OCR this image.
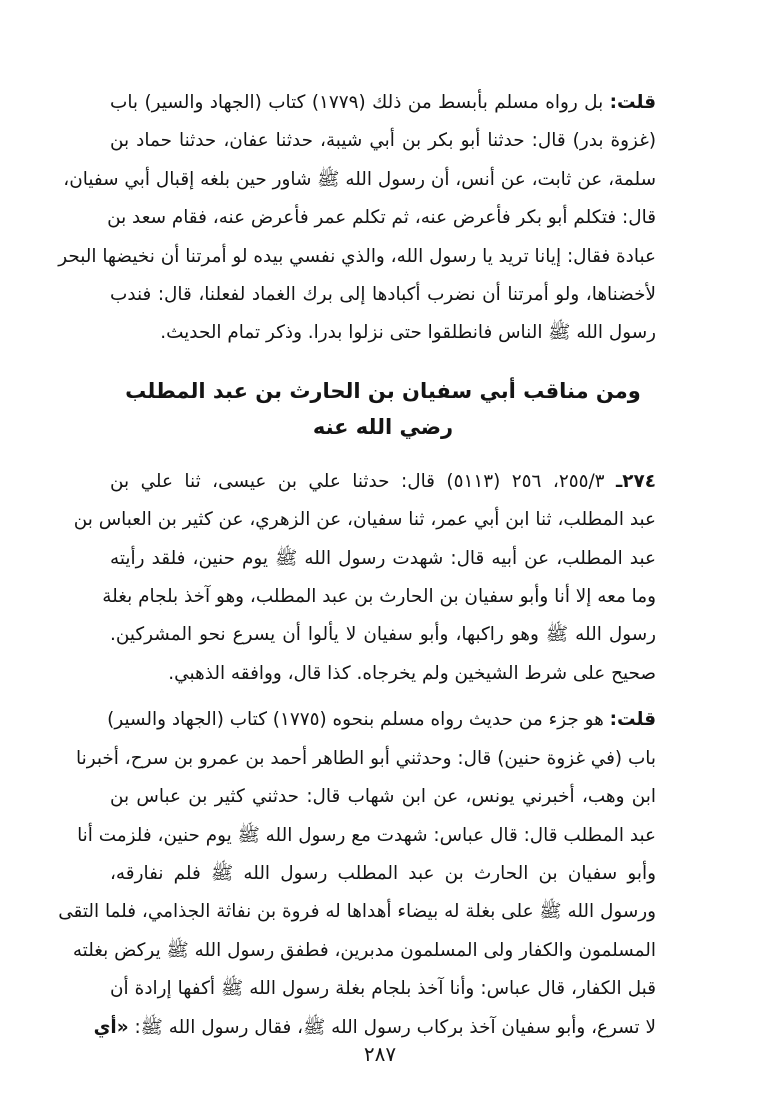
قلت: بل رواه مسلم بأبسط من ذلك (١٧٧٩) كتاب (الجهاد والسير) باب
(غزوة بدر) قال: حدثنا أبو بكر بن أبي شيبة، حدثنا عفان، حدثنا حماد بن
سلمة، عن ثابت، عن أنس، أن رسول الله ﷺ شاور حين بلغه إقبال أبي سفيان،
قال: فتكلم أبو بكر فأعرض عنه، ثم تكلم عمر فأعرض عنه، فقام سعد بن
عبادة فقال: إيانا تريد يا رسول الله، والذي نفسي بيده لو أمرتنا أن نخيضها البحر
لأخضناها، ولو أمرتنا أن نضرب أكبادها إلى برك الغماد لفعلنا، قال: فندب
رسول الله ﷺ الناس فانطلقوا حتى نزلوا بدرا. وذكر تمام الحديث.

ومن مناقب أبي سفيان بن الحارث بن عبد المطلب رضي الله عنه

٢٧٤ـ ٢٥٥/٣، ٢٥٦ (٥١١٣) قال: حدثنا علي بن عيسى، ثنا علي بن
عبد المطلب، ثنا ابن أبي عمر، ثنا سفيان، عن الزهري، عن كثير بن العباس بن
عبد المطلب، عن أبيه قال: شهدت رسول الله ﷺ يوم حنين، فلقد رأيته
وما معه إلا أنا وأبو سفيان بن الحارث بن عبد المطلب، وهو آخذ بلجام بغلة
رسول الله ﷺ وهو راكبها، وأبو سفيان لا يألوا أن يسرع نحو المشركين.
صحيح على شرط الشيخين ولم يخرجاه. كذا قال، ووافقه الذهبي.

قلت: هو جزء من حديث رواه مسلم بنحوه (١٧٧٥) كتاب (الجهاد والسير)
باب (في غزوة حنين) قال: وحدثني أبو الطاهر أحمد بن عمرو بن سرح، أخبرنا
ابن وهب، أخبرني يونس، عن ابن شهاب قال: حدثني كثير بن عباس بن
عبد المطلب قال: قال عباس: شهدت مع رسول الله ﷺ يوم حنين، فلزمت أنا
وأبو سفيان بن الحارث بن عبد المطلب رسول الله ﷺ فلم نفارقه،
ورسول الله ﷺ على بغلة له بيضاء أهداها له فروة بن نفاثة الجذامي، فلما التقى
المسلمون والكفار ولى المسلمون مدبرين، فطفق رسول الله ﷺ يركض بغلته
قبل الكفار، قال عباس: وأنا آخذ بلجام بغلة رسول الله ﷺ أكفها إرادة أن
لا تسرع، وأبو سفيان آخذ بركاب رسول الله ﷺ، فقال رسول الله ﷺ: «أي

٢٨٧
